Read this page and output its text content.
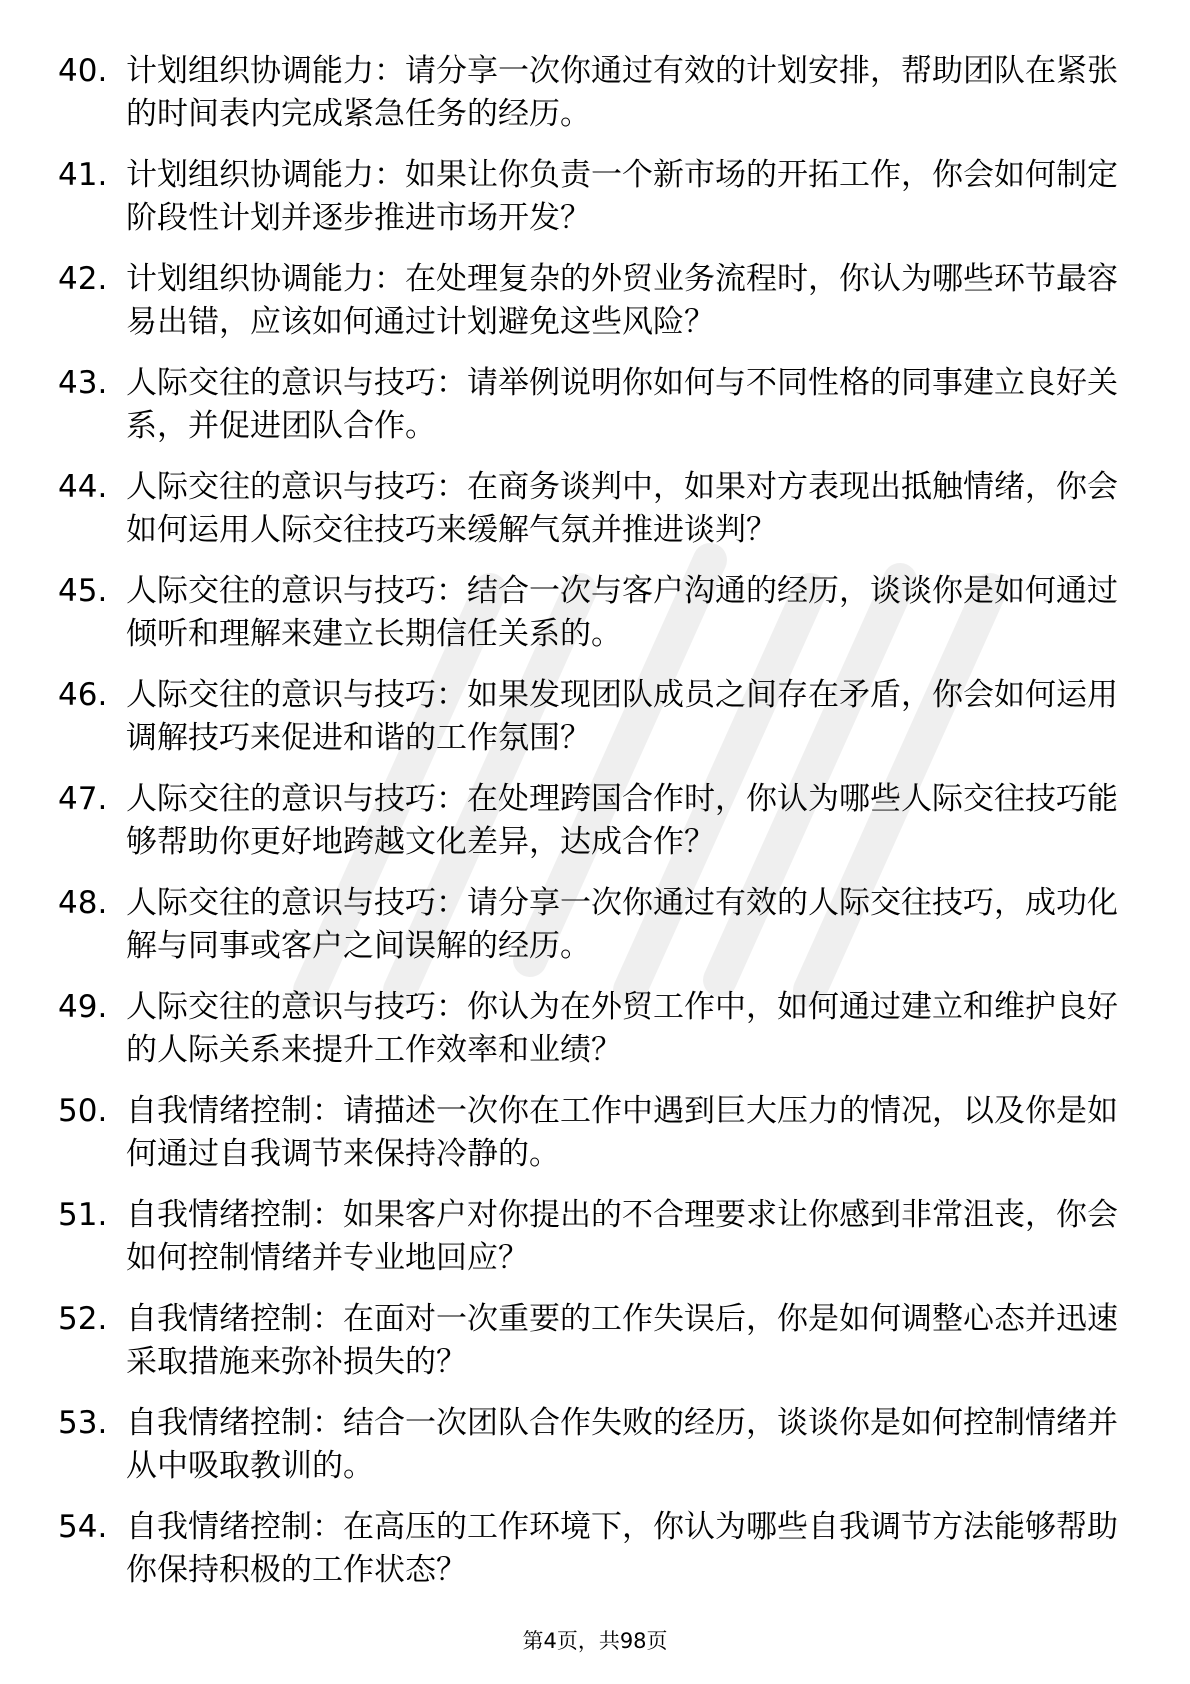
40. 计划组织协调能力：请分享一次你通过有效的计划安排，帮助团队在紧张的时间表内完成紧急任务的经历。
41. 计划组织协调能力：如果让你负责一个新市场的开拓工作，你会如何制定阶段性计划并逐步推进市场开发？
42. 计划组织协调能力：在处理复杂的外贸业务流程时，你认为哪些环节最容易出错，应该如何通过计划避免这些风险？
43. 人际交往的意识与技巧：请举例说明你如何与不同性格的同事建立良好关系，并促进团队合作。
44. 人际交往的意识与技巧：在商务谈判中，如果对方表现出抵触情绪，你会如何运用人际交往技巧来缓解气氛并推进谈判？
45. 人际交往的意识与技巧：结合一次与客户沟通的经历，谈谈你是如何通过倾听和理解来建立长期信任关系的。
46. 人际交往的意识与技巧：如果发现团队成员之间存在矛盾，你会如何运用调解技巧来促进和谐的工作氛围？
47. 人际交往的意识与技巧：在处理跨国合作时，你认为哪些人际交往技巧能够帮助你更好地跨越文化差异，达成合作？
48. 人际交往的意识与技巧：请分享一次你通过有效的人际交往技巧，成功化解与同事或客户之间误解的经历。
49. 人际交往的意识与技巧：你认为在外贸工作中，如何通过建立和维护良好的人际关系来提升工作效率和业绩？
50. 自我情绪控制：请描述一次你在工作中遇到巨大压力的情况，以及你是如何通过自我调节来保持冷静的。
51. 自我情绪控制：如果客户对你提出的不合理要求让你感到非常沮丧，你会如何控制情绪并专业地回应？
52. 自我情绪控制：在面对一次重要的工作失误后，你是如何调整心态并迅速采取措施来弥补损失的？
53. 自我情绪控制：结合一次团队合作失败的经历，谈谈你是如何控制情绪并从中吸取教训的。
54. 自我情绪控制：在高压的工作环境下，你认为哪些自我调节方法能够帮助你保持积极的工作状态？
第4页，共98页
